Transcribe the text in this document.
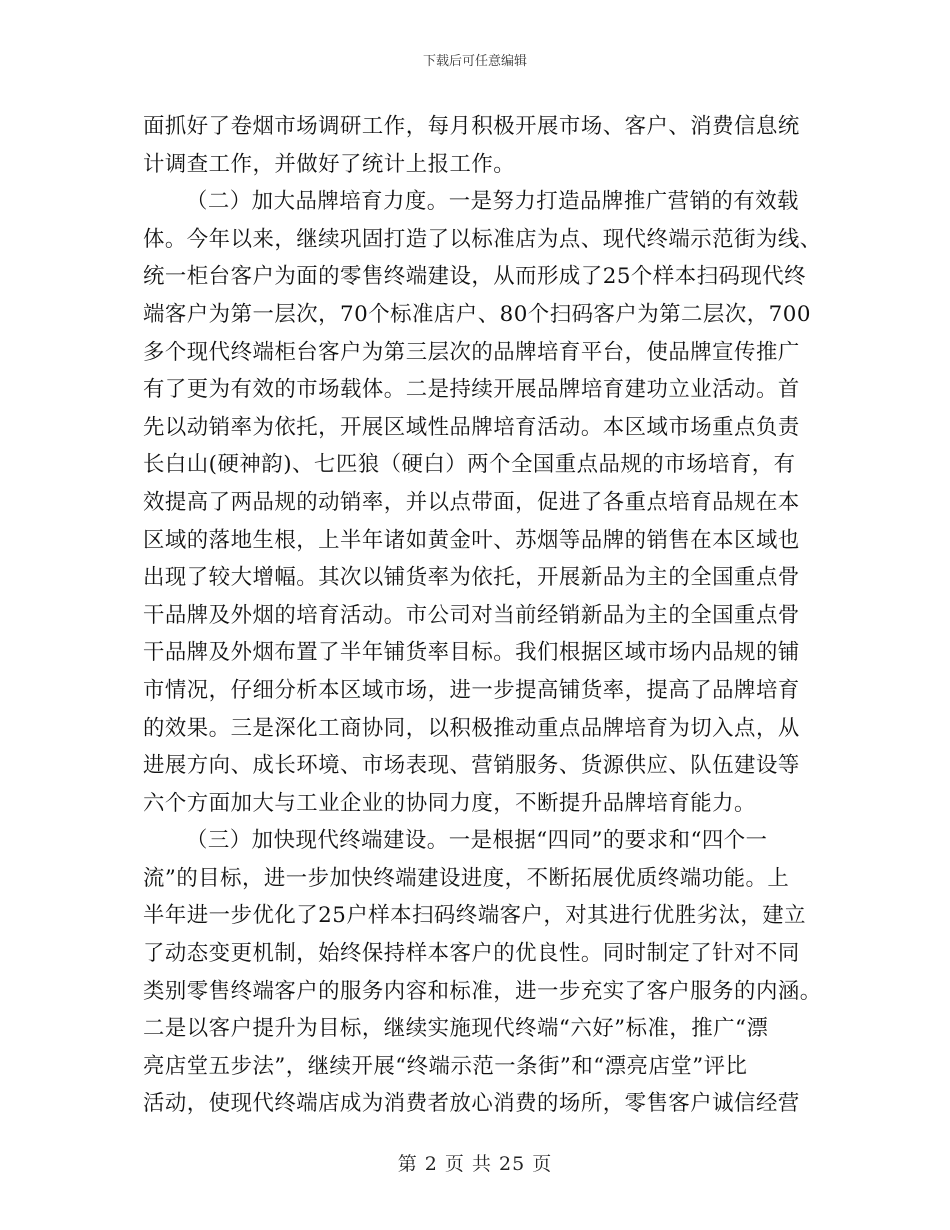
下载后可任意编辑
面抓好了卷烟市场调研工作，每月积极开展市场、客户、消费信息统
计调查工作，并做好了统计上报工作。
（二）加大品牌培育力度。一是努力打造品牌推广营销的有效载
体。今年以来，继续巩固打造了以标准店为点、现代终端示范街为线、
统一柜台客户为面的零售终端建设，从而形成了25个样本扫码现代终
端客户为第一层次，70个标准店户、80个扫码客户为第二层次，700
多个现代终端柜台客户为第三层次的品牌培育平台，使品牌宣传推广
有了更为有效的市场载体。二是持续开展品牌培育建功立业活动。首
先以动销率为依托，开展区域性品牌培育活动。本区域市场重点负责
长白山(硬神韵)、七匹狼（硬白）两个全国重点品规的市场培育，有
效提高了两品规的动销率，并以点带面，促进了各重点培育品规在本
区域的落地生根，上半年诸如黄金叶、苏烟等品牌的销售在本区域也
出现了较大增幅。其次以铺货率为依托，开展新品为主的全国重点骨
干品牌及外烟的培育活动。市公司对当前经销新品为主的全国重点骨
干品牌及外烟布置了半年铺货率目标。我们根据区域市场内品规的铺
市情况，仔细分析本区域市场，进一步提高铺货率，提高了品牌培育
的效果。三是深化工商协同，以积极推动重点品牌培育为切入点，从
进展方向、成长环境、市场表现、营销服务、货源供应、队伍建设等
六个方面加大与工业企业的协同力度，不断提升品牌培育能力。
（三）加快现代终端建设。一是根据“四同”的要求和“四个一
流”的目标，进一步加快终端建设进度，不断拓展优质终端功能。上
半年进一步优化了25户样本扫码终端客户，对其进行优胜劣汰，建立
了动态变更机制，始终保持样本客户的优良性。同时制定了针对不同
类别零售终端客户的服务内容和标准，进一步充实了客户服务的内涵。
二是以客户提升为目标，继续实施现代终端“六好”标准，推广“漂
亮店堂五步法”，继续开展“终端示范一条街”和“漂亮店堂”评比
活动，使现代终端店成为消费者放心消费的场所，零售客户诚信经营
第 2 页 共 25 页
